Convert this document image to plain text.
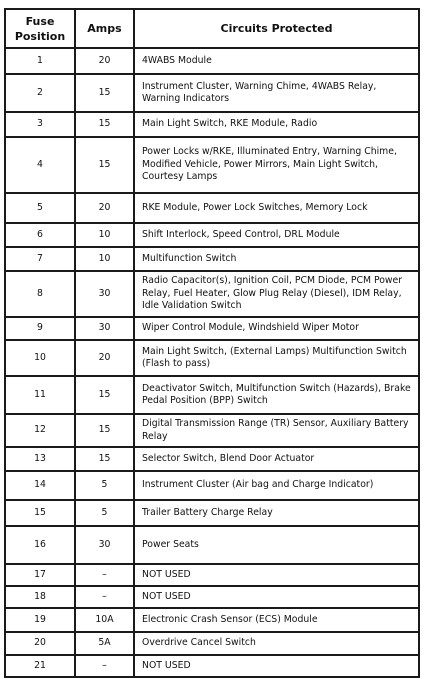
Fuse
Position	Amps	Circuits Protected
1	20	4WABS Module
2	15	Instrument Cluster, Warning Chime, 4WABS Relay, Warning Indicators
3	15	Main Light Switch, RKE Module, Radio
4	15	Power Locks w/RKE, Illuminated Entry, Warning Chime, Modified Vehicle, Power Mirrors, Main Light Switch, Courtesy Lamps
5	20	RKE Module, Power Lock Switches, Memory Lock
6	10	Shift Interlock, Speed Control, DRL Module
7	10	Multifunction Switch
8	30	Radio Capacitor(s), Ignition Coil, PCM Diode, PCM Power Relay, Fuel Heater, Glow Plug Relay (Diesel), IDM Relay, Idle Validation Switch
9	30	Wiper Control Module, Windshield Wiper Motor
10	20	Main Light Switch, (External Lamps) Multifunction Switch (Flash to pass)
11	15	Deactivator Switch, Multifunction Switch (Hazards), Brake Pedal Position (BPP) Switch
12	15	Digital Transmission Range (TR) Sensor, Auxiliary Battery Relay
13	15	Selector Switch, Blend Door Actuator
14	5	Instrument Cluster (Air bag and Charge Indicator)
15	5	Trailer Battery Charge Relay
16	30	Power Seats
17	–	NOT USED
18	–	NOT USED
19	10A	Electronic Crash Sensor (ECS) Module
20	5A	Overdrive Cancel Switch
21	–	NOT USED
